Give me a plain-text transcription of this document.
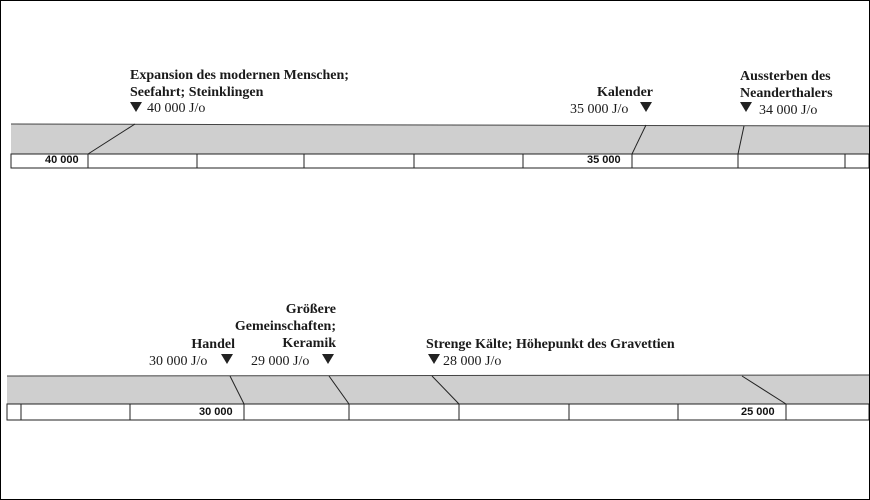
40 000	35 000
30 000	25 000
Expansion des modernen Menschen;
Seefahrt; Steinklingen
40 000 J/o
Kalender
35 000 J/o
Aussterben des
Neanderthalers
34 000 J/o
Handel
30 000 J/o
Größere
Gemeinschaften;
Keramik
29 000 J/o
Strenge Kälte; Höhepunkt des Gravettien
28 000 J/o
